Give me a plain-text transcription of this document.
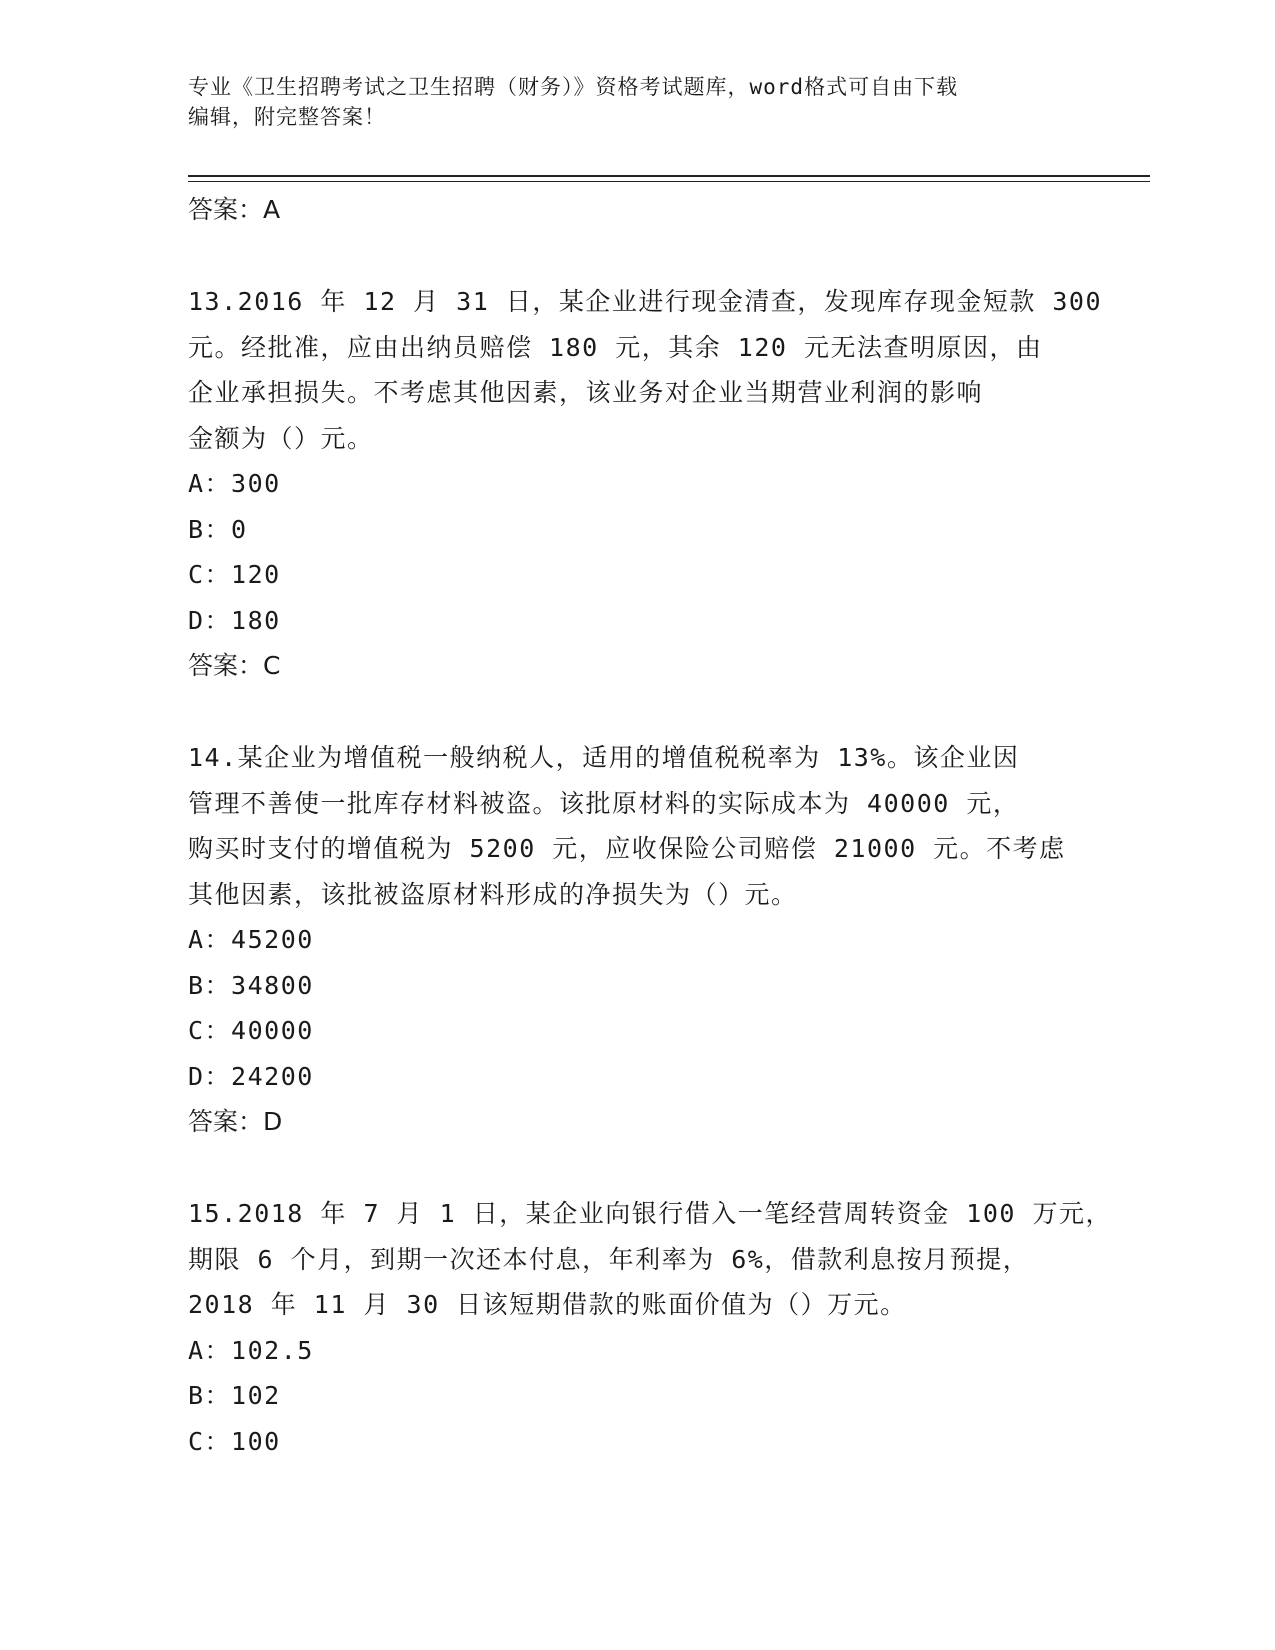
专业《卫生招聘考试之卫生招聘（财务）》资格考试题库，word格式可自由下载
编辑，附完整答案！
答案：A
13.2016 年 12 月 31 日，某企业进行现金清查，发现库存现金短款 300
元。经批准，应由出纳员赔偿 180 元，其余 120 元无法查明原因，由
企业承担损失。不考虑其他因素，该业务对企业当期营业利润的影响
金额为（）元。
A：300
B：0
C：120
D：180
答案：C
14.某企业为增值税一般纳税人，适用的增值税税率为 13%。该企业因
管理不善使一批库存材料被盗。该批原材料的实际成本为 40000 元，
购买时支付的增值税为 5200 元，应收保险公司赔偿 21000 元。不考虑
其他因素，该批被盗原材料形成的净损失为（）元。
A：45200
B：34800
C：40000
D：24200
答案：D
15.2018 年 7 月 1 日，某企业向银行借入一笔经营周转资金 100 万元，
期限 6 个月，到期一次还本付息，年利率为 6%，借款利息按月预提，
2018 年 11 月 30 日该短期借款的账面价值为（）万元。
A：102.5
B：102
C：100
